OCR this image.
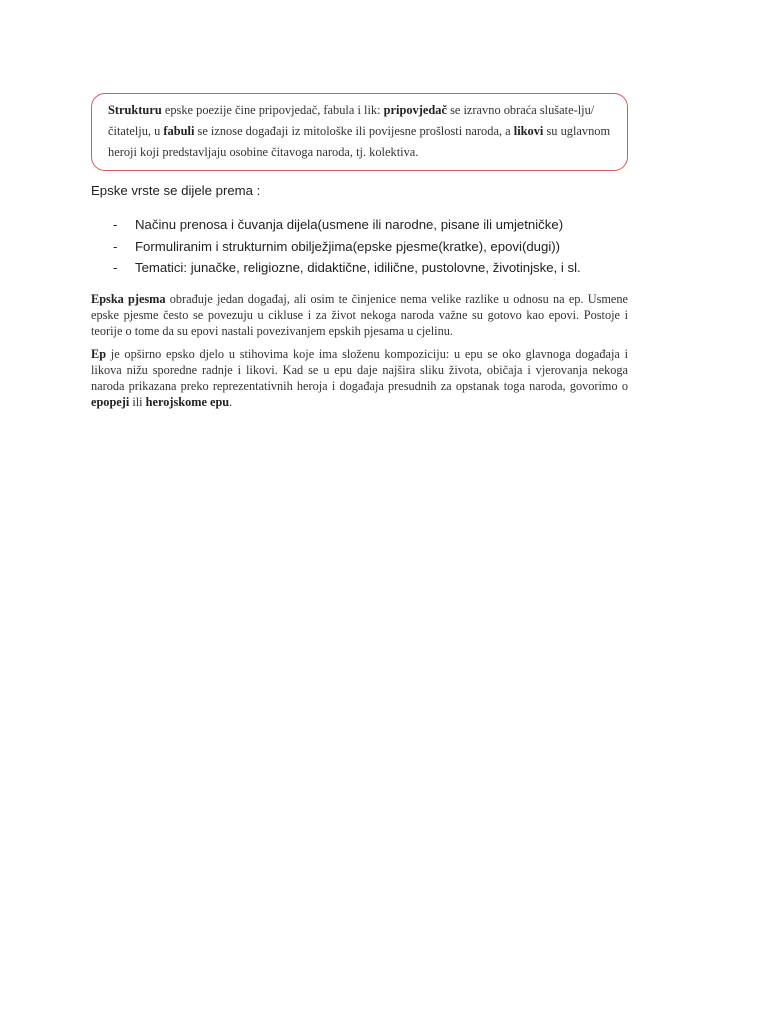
Strukturu epske poezije čine pripovjedač, fabula i lik: pripovjedač se izravno obraća slušate-lju/čitatelju, u fabuli se iznose događaji iz mitološke ili povijesne prošlosti naroda, a likovi su uglavnom heroji koji predstavljaju osobine čitavoga naroda, tj. kolektiva.
Epske vrste se dijele prema :
- Načinu prenosa i čuvanja dijela(usmene ili narodne, pisane ili umjetničke)
- Formuliranim i strukturnim obilježjima(epske pjesme(kratke), epovi(dugi))
- Tematici: junačke, religiozne, didaktične, idilične, pustolovne, životinjske, i sl.

Epska pjesma obrađuje jedan događaj, ali osim te činjenice nema velike razlike u odnosu na ep. Usmene epske pjesme često se povezuju u cikluse i za život nekoga naroda važne su gotovo kao epovi. Postoje i teorije o tome da su epovi nastali povezivanjem epskih pjesama u cjelinu.

Ep je opširno epsko djelo u stihovima koje ima složenu kompoziciju: u epu se oko glavnoga događaja i likova nižu sporedne radnje i likovi. Kad se u epu daje najšira sliku života, običaja i vjerovanja nekoga naroda prikazana preko reprezentativnih heroja i događaja presudnih za opstanak toga naroda, govorimo o epopeji ili herojskome epu.
